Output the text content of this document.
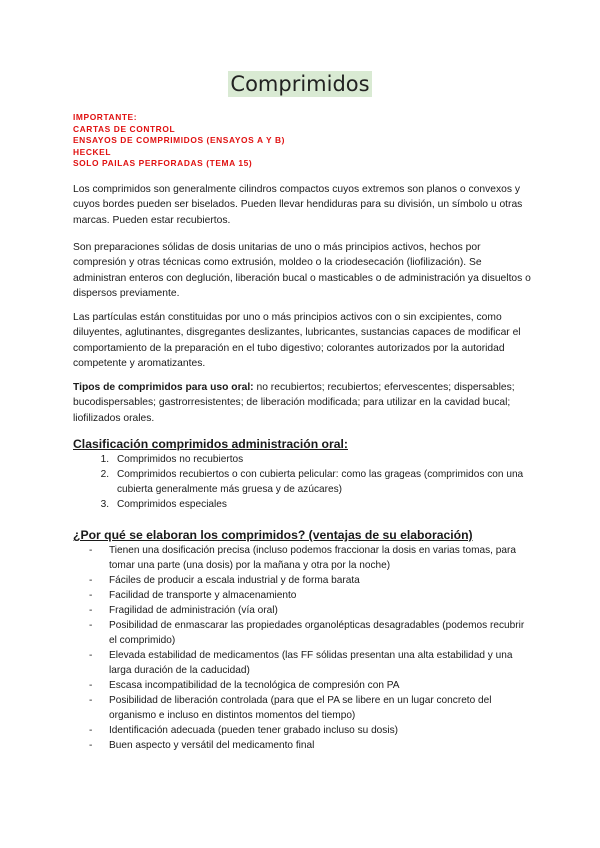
Comprimidos
IMPORTANTE:
CARTAS DE CONTROL
ENSAYOS DE COMPRIMIDOS (ENSAYOS A Y B)
HECKEL
SOLO PAILAS PERFORADAS (TEMA 15)
Los comprimidos son generalmente cilindros compactos cuyos extremos son planos o convexos y cuyos bordes pueden ser biselados. Pueden llevar hendiduras para su división, un símbolo u otras marcas. Pueden estar recubiertos.
Son preparaciones sólidas de dosis unitarias de uno o más principios activos, hechos por compresión y otras técnicas como extrusión, moldeo o la criodesecación (liofilización). Se administran enteros con deglución, liberación bucal o masticables o de administración ya disueltos o dispersos previamente.
Las partículas están constituidas por uno o más principios activos con o sin excipientes, como diluyentes, aglutinantes, disgregantes deslizantes, lubricantes, sustancias capaces de modificar el comportamiento de la preparación en el tubo digestivo; colorantes autorizados por la autoridad competente y aromatizantes.
Tipos de comprimidos para uso oral: no recubiertos; recubiertos; efervescentes; dispersables; bucodispersables; gastrorresistentes; de liberación modificada; para utilizar en la cavidad bucal; liofilizados orales.
Clasificación comprimidos administración oral:
1. Comprimidos no recubiertos
2. Comprimidos recubiertos o con cubierta pelicular: como las grageas (comprimidos con una cubierta generalmente más gruesa y de azúcares)
3. Comprimidos especiales
¿Por qué se elaboran los comprimidos? (ventajas de su elaboración)
-	Tienen una dosificación precisa (incluso podemos fraccionar la dosis en varias tomas, para tomar una parte (una dosis) por la mañana y otra por la noche)
-	Fáciles de producir a escala industrial y de forma barata
-	Facilidad de transporte y almacenamiento
-	Fragilidad de administración (vía oral)
-	Posibilidad de enmascarar las propiedades organolépticas desagradables (podemos recubrir el comprimido)
-	Elevada estabilidad de medicamentos (las FF sólidas presentan una alta estabilidad y una larga duración de la caducidad)
-	Escasa incompatibilidad de la tecnológica de compresión con PA
-	Posibilidad de liberación controlada (para que el PA se libere en un lugar concreto del organismo e incluso en distintos momentos del tiempo)
-	Identificación adecuada (pueden tener grabado incluso su dosis)
-	Buen aspecto y versátil del medicamento final
